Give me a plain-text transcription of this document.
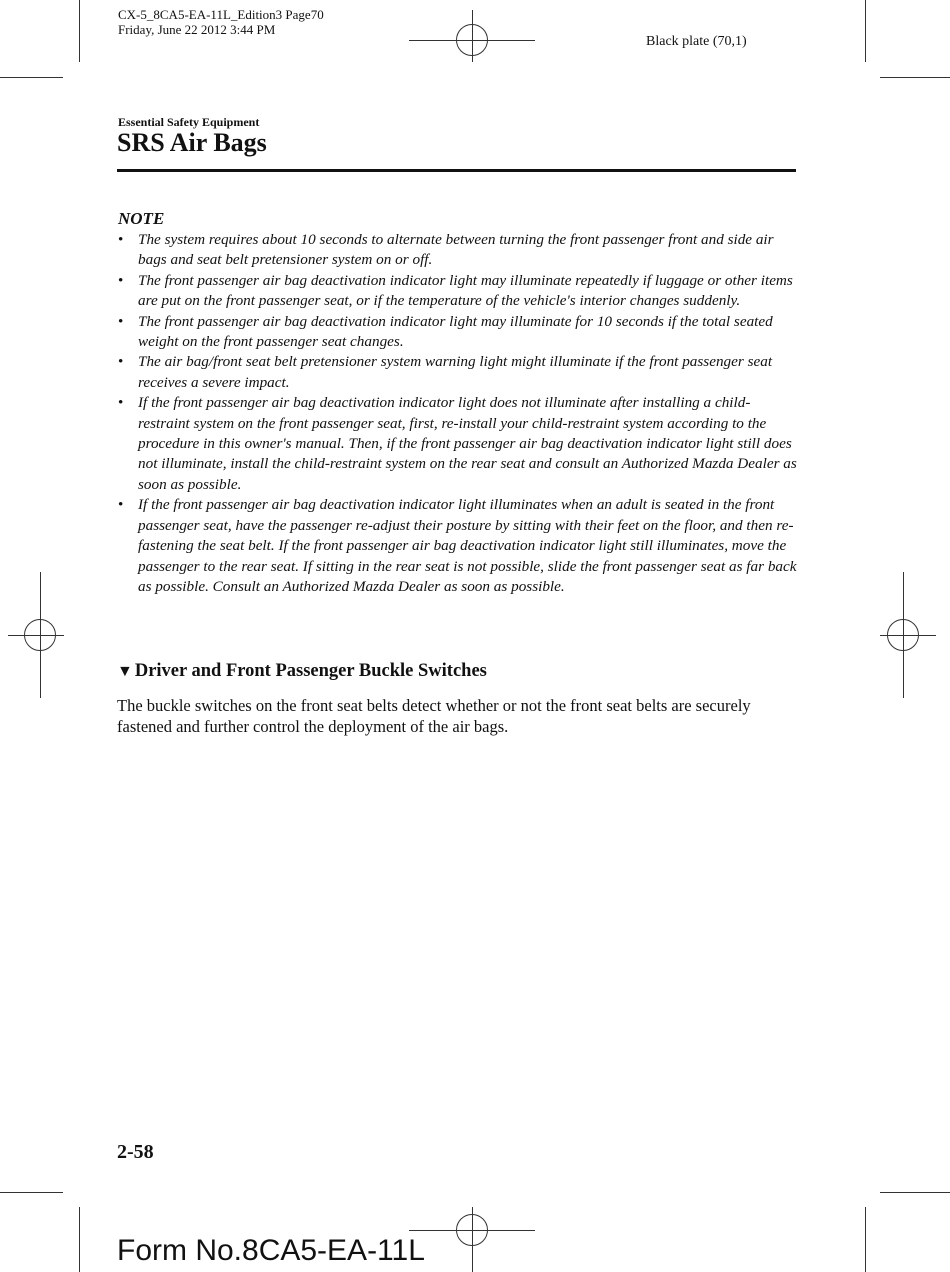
CX-5_8CA5-EA-11L_Edition3 Page70
Friday, June 22 2012 3:44 PM
Black plate (70,1)
Essential Safety Equipment
SRS Air Bags
NOTE
• The system requires about 10 seconds to alternate between turning the front passenger front and side air bags and seat belt pretensioner system on or off.
• The front passenger air bag deactivation indicator light may illuminate repeatedly if luggage or other items are put on the front passenger seat, or if the temperature of the vehicle's interior changes suddenly.
• The front passenger air bag deactivation indicator light may illuminate for 10 seconds if the total seated weight on the front passenger seat changes.
• The air bag/front seat belt pretensioner system warning light might illuminate if the front passenger seat receives a severe impact.
• If the front passenger air bag deactivation indicator light does not illuminate after installing a child-restraint system on the front passenger seat, first, re-install your child-restraint system according to the procedure in this owner's manual. Then, if the front passenger air bag deactivation indicator light still does not illuminate, install the child-restraint system on the rear seat and consult an Authorized Mazda Dealer as soon as possible.
• If the front passenger air bag deactivation indicator light illuminates when an adult is seated in the front passenger seat, have the passenger re-adjust their posture by sitting with their feet on the floor, and then re-fastening the seat belt. If the front passenger air bag deactivation indicator light still illuminates, move the passenger to the rear seat. If sitting in the rear seat is not possible, slide the front passenger seat as far back as possible. Consult an Authorized Mazda Dealer as soon as possible.
▼ Driver and Front Passenger Buckle Switches
The buckle switches on the front seat belts detect whether or not the front seat belts are securely fastened and further control the deployment of the air bags.
2-58
Form No.8CA5-EA-11L
